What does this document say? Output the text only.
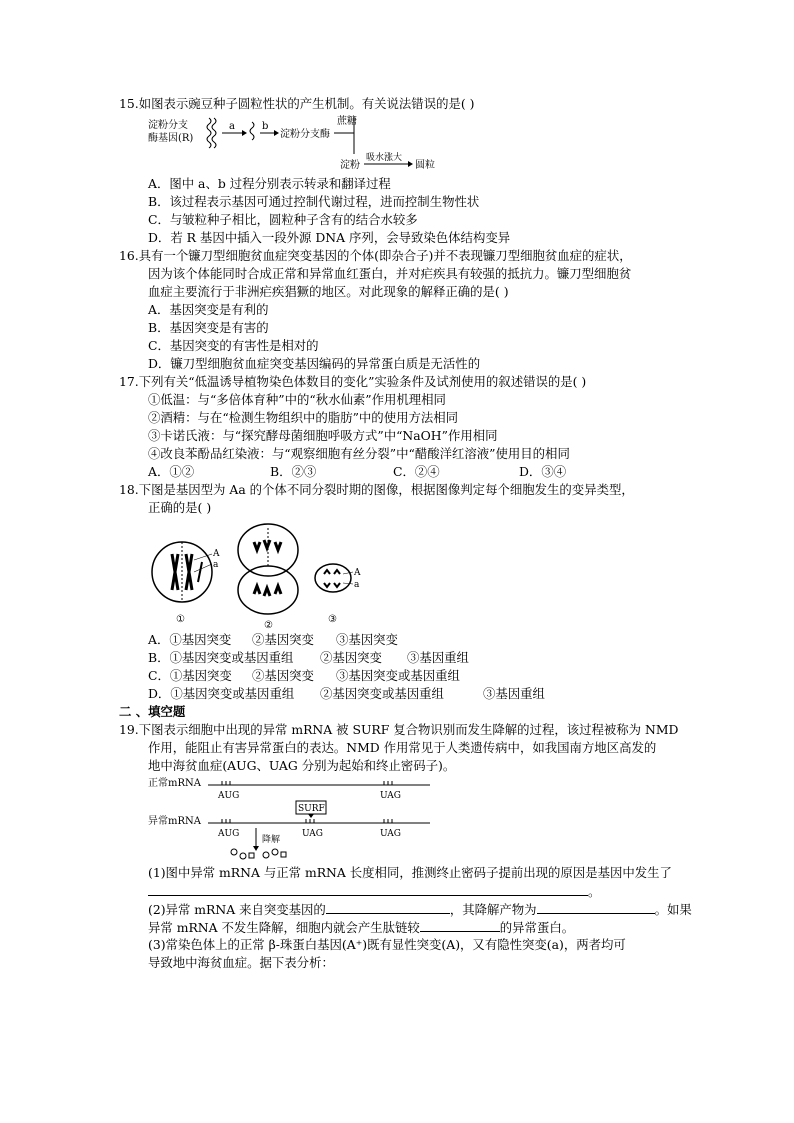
15.如图表示豌豆种子圆粒性状的产生机制。有关说法错误的是( )
淀粉分支
酶基因(R)
a	b
淀粉分支酶
蔗糖
淀粉
吸水涨大
圆粒
A．图中 a、b 过程分别表示转录和翻译过程
B．该过程表示基因可通过控制代谢过程，进而控制生物性状
C．与皱粒种子相比，圆粒种子含有的结合水较多
D．若 R 基因中插入一段外源 DNA 序列，会导致染色体结构变异
16.具有一个镰刀型细胞贫血症突变基因的个体(即杂合子)并不表现镰刀型细胞贫血症的症状，
因为该个体能同时合成正常和异常血红蛋白，并对疟疾具有较强的抵抗力。镰刀型细胞贫
血症主要流行于非洲疟疾猖獗的地区。对此现象的解释正确的是( )
A．基因突变是有利的
B．基因突变是有害的
C．基因突变的有害性是相对的
D．镰刀型细胞贫血症突变基因编码的异常蛋白质是无活性的
17.下列有关“低温诱导植物染色体数目的变化”实验条件及试剂使用的叙述错误的是( )
①低温：与“多倍体育种”中的“秋水仙素”作用机理相同
②酒精：与在“检测生物组织中的脂肪”中的使用方法相同
③卡诺氏液：与“探究酵母菌细胞呼吸方式”中“NaOH”作用相同
④改良苯酚品红染液：与“观察细胞有丝分裂”中“醋酸洋红溶液”使用目的相同
A．①②	B．②③	C．②④	D．③④
18.下图是基因型为 Aa 的个体不同分裂时期的图像，根据图像判定每个细胞发生的变异类型，
正确的是( )
A
a
①
②
A
a
③
A．①基因突变 ②基因突变 ③基因突变
B．①基因突变或基因重组 ②基因突变 ③基因重组
C．①基因突变 ②基因突变 ③基因突变或基因重组
D．①基因突变或基因重组 ②基因突变或基因重组	③基因重组
二 、填空题
19.下图表示细胞中出现的异常 mRNA 被 SURF 复合物识别而发生降解的过程，该过程被称为 NMD
作用，能阻止有害异常蛋白的表达。NMD 作用常见于人类遗传病中，如我国南方地区高发的
地中海贫血症(AUG、UAG 分别为起始和终止密码子)。
正常mRNA
AUG	UAG
SURF
异常mRNA
AUG	UAG	UAG
降解
(1)图中异常 mRNA 与正常 mRNA 长度相同，推测终止密码子提前出现的原因是基因中发生了
。
(2)异常 mRNA 来自突变基因的	，其降解产物为	。如果
异常 mRNA 不发生降解，细胞内就会产生肽链较	的异常蛋白。
(3)常染色体上的正常 β-珠蛋白基因(A⁺)既有显性突变(A)，又有隐性突变(a)，两者均可
导致地中海贫血症。据下表分析：
